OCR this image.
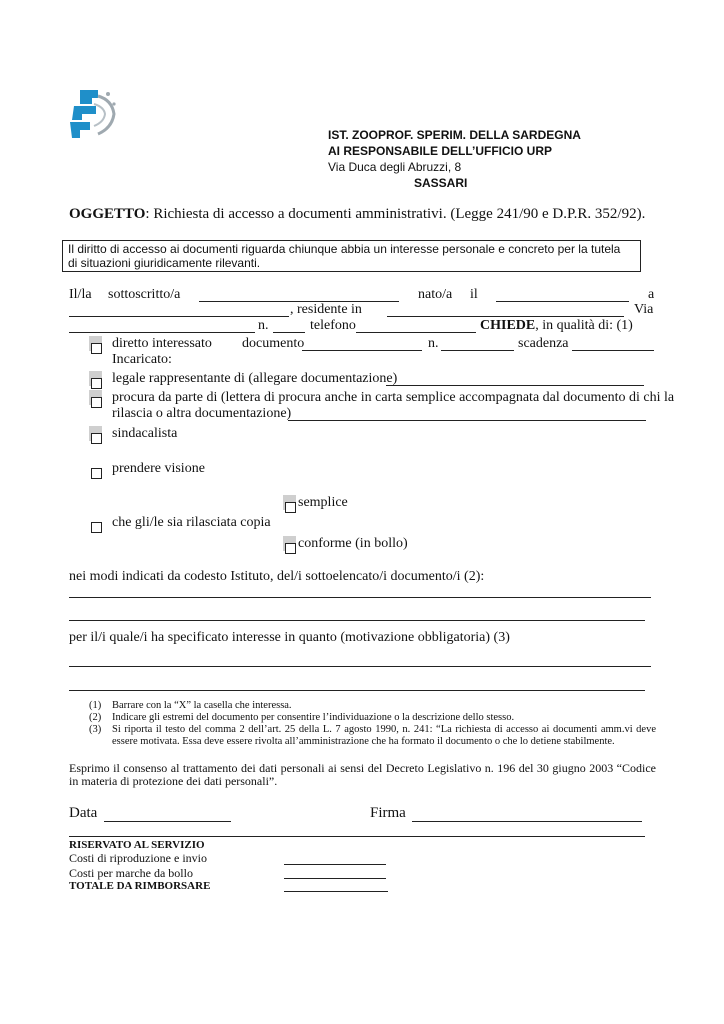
IST. ZOOPROF. SPERIM. DELLA SARDEGNA
AI RESPONSABILE DELL’UFFICIO URP
Via Duca degli Abruzzi, 8
SASSARI
OGGETTO: Richiesta di accesso a documenti amministrativi. (Legge 241/90 e D.P.R. 352/92).
Il diritto di accesso ai documenti riguarda chiunque abbia un interesse personale e concreto per la tutela
di situazioni giuridicamente rilevanti.
Il/la sottoscritto/a	nato/a il	a
, residente in	Via
n.	telefono	CHIEDE, in qualità di: (1)
diretto interessato documento	n.	scadenza
Incaricato:
legale rappresentante di (allegare documentazione)
procura da parte di (lettera di procura anche in carta semplice accompagnata dal documento di chi la
rilascia o altra documentazione)
sindacalista
prendere visione
semplice
che gli/le sia rilasciata copia
conforme (in bollo)
nei modi indicati da codesto Istituto, del/i sottoelencato/i documento/i (2):
per il/i quale/i ha specificato interesse in quanto (motivazione obbligatoria) (3)
(1) Barrare con la “X” la casella che interessa.
(2) Indicare gli estremi del documento per consentire l’individuazione o la descrizione dello stesso.
(3) Si riporta il testo del comma 2 dell’art. 25 della L. 7 agosto 1990, n. 241: “La richiesta di accesso ai documenti amm.vi deve essere motivata. Essa deve essere rivolta all’amministrazione che ha formato il documento o che lo detiene stabilmente.
Esprimo il consenso al trattamento dei dati personali ai sensi del Decreto Legislativo n. 196 del 30 giugno 2003 “Codice in materia di protezione dei dati personali”.
Data	Firma
RISERVATO AL SERVIZIO
Costi di riproduzione e invio
Costi per marche da bollo
TOTALE DA RIMBORSARE
